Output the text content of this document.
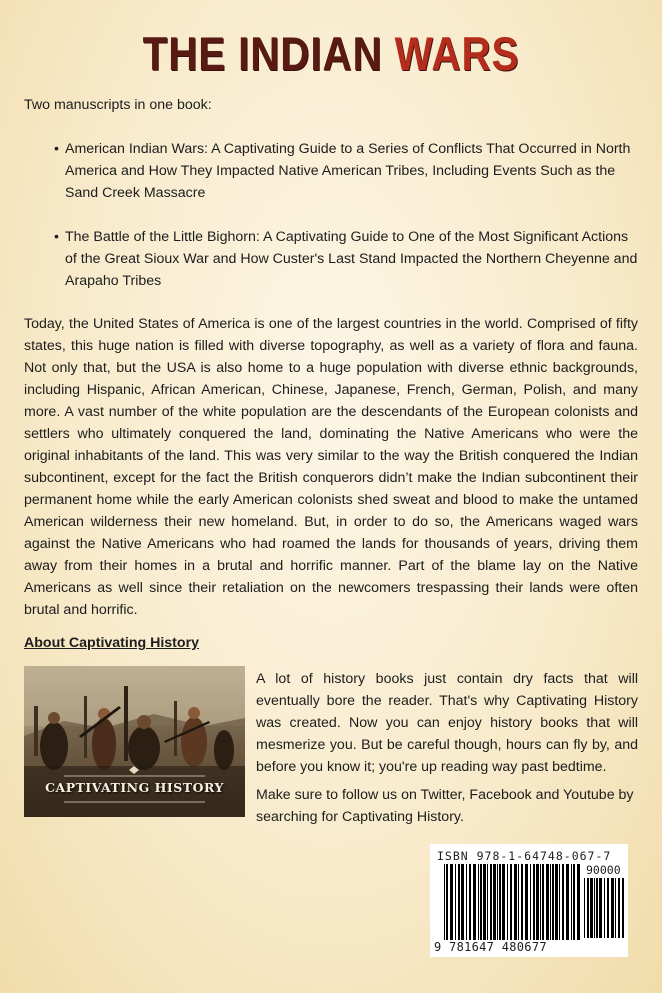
THE INDIAN WARS
Two manuscripts in one book:
• American Indian Wars: A Captivating Guide to a Series of Conflicts That Occurred in North America and How They Impacted Native American Tribes, Including Events Such as the Sand Creek Massacre
• The Battle of the Little Bighorn: A Captivating Guide to One of the Most Significant Actions of the Great Sioux War and How Custer's Last Stand Impacted the Northern Cheyenne and Arapaho Tribes
Today, the United States of America is one of the largest countries in the world. Comprised of fifty states, this huge nation is filled with diverse topography, as well as a variety of flora and fauna. Not only that, but the USA is also home to a huge population with diverse ethnic backgrounds, including Hispanic, African American, Chinese, Japanese, French, German, Polish, and many more. A vast number of the white population are the descendants of the European colonists and settlers who ultimately conquered the land, dominating the Native Americans who were the original inhabitants of the land. This was very similar to the way the British conquered the Indian subcontinent, except for the fact the British conquerors didn’t make the Indian subcontinent their permanent home while the early American colonists shed sweat and blood to make the untamed American wilderness their new homeland. But, in order to do so, the Americans waged wars against the Native Americans who had roamed the lands for thousands of years, driving them away from their homes in a brutal and horrific manner. Part of the blame lay on the Native Americans as well since their retaliation on the newcomers trespassing their lands were often brutal and horrific.
About Captivating History
CAPTIVATING HISTORY
A lot of history books just contain dry facts that will eventually bore the reader. That's why Captivating History was created. Now you can enjoy history books that will mesmerize you. But be careful though, hours can fly by, and before you know it; you're up reading way past bedtime.
Make sure to follow us on Twitter, Facebook and Youtube by searching for Captivating History.
ISBN 978-1-64748-067-7
90000
9 781647 480677
